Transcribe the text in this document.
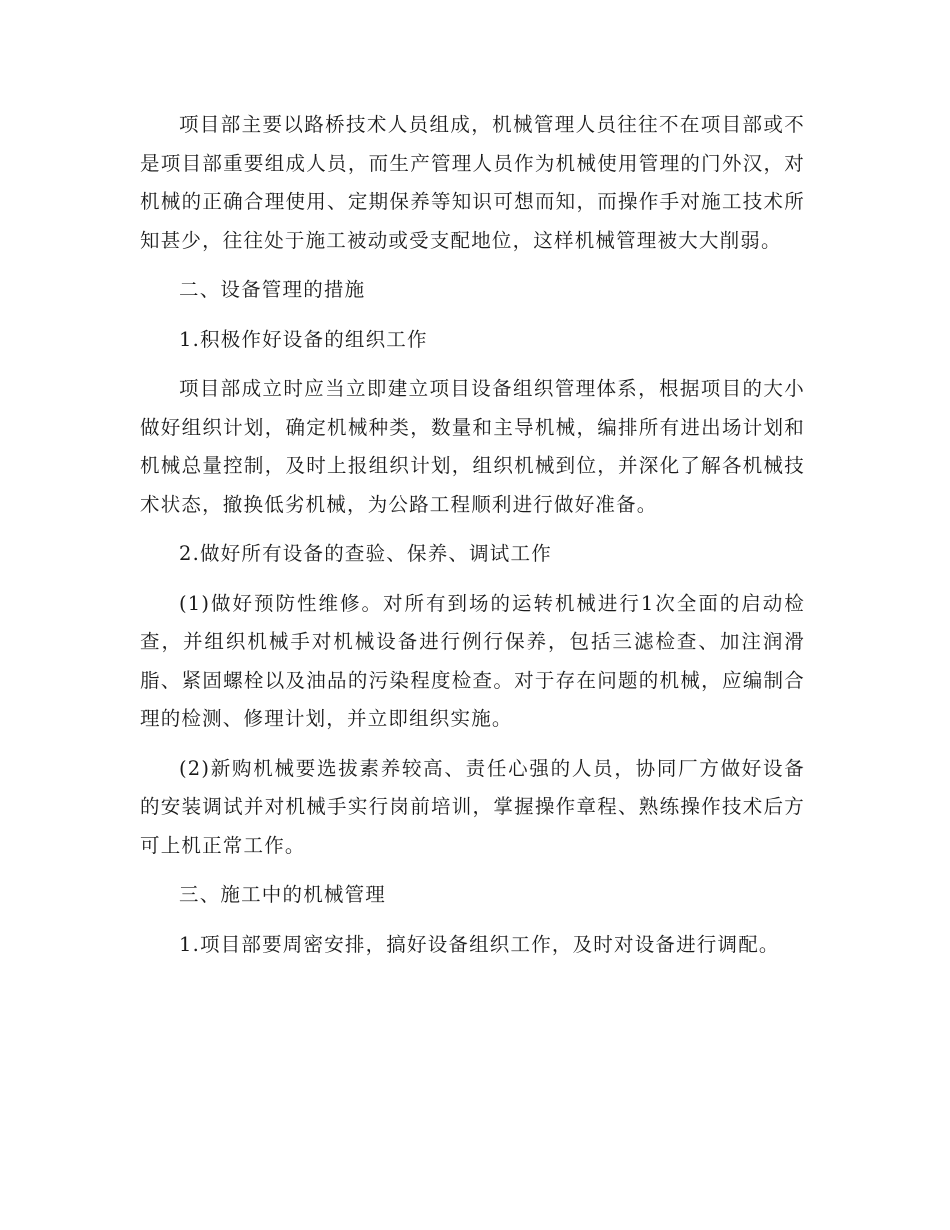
项目部主要以路桥技术人员组成，机械管理人员往往不在项目部或不是项目部重要组成人员，而生产管理人员作为机械使用管理的门外汉，对机械的正确合理使用、定期保养等知识可想而知，而操作手对施工技术所知甚少，往往处于施工被动或受支配地位，这样机械管理被大大削弱。

二、设备管理的措施

1.积极作好设备的组织工作

项目部成立时应当立即建立项目设备组织管理体系，根据项目的大小做好组织计划，确定机械种类，数量和主导机械，编排所有进出场计划和机械总量控制，及时上报组织计划，组织机械到位，并深化了解各机械技术状态，撤换低劣机械，为公路工程顺利进行做好准备。

2.做好所有设备的查验、保养、调试工作

(1)做好预防性维修。对所有到场的运转机械进行1次全面的启动检查，并组织机械手对机械设备进行例行保养，包括三滤检查、加注润滑脂、紧固螺栓以及油品的污染程度检查。对于存在问题的机械，应编制合理的检测、修理计划，并立即组织实施。

(2)新购机械要选拔素养较高、责任心强的人员，协同厂方做好设备的安装调试并对机械手实行岗前培训，掌握操作章程、熟练操作技术后方可上机正常工作。

三、施工中的机械管理

1.项目部要周密安排，搞好设备组织工作，及时对设备进行调配。
